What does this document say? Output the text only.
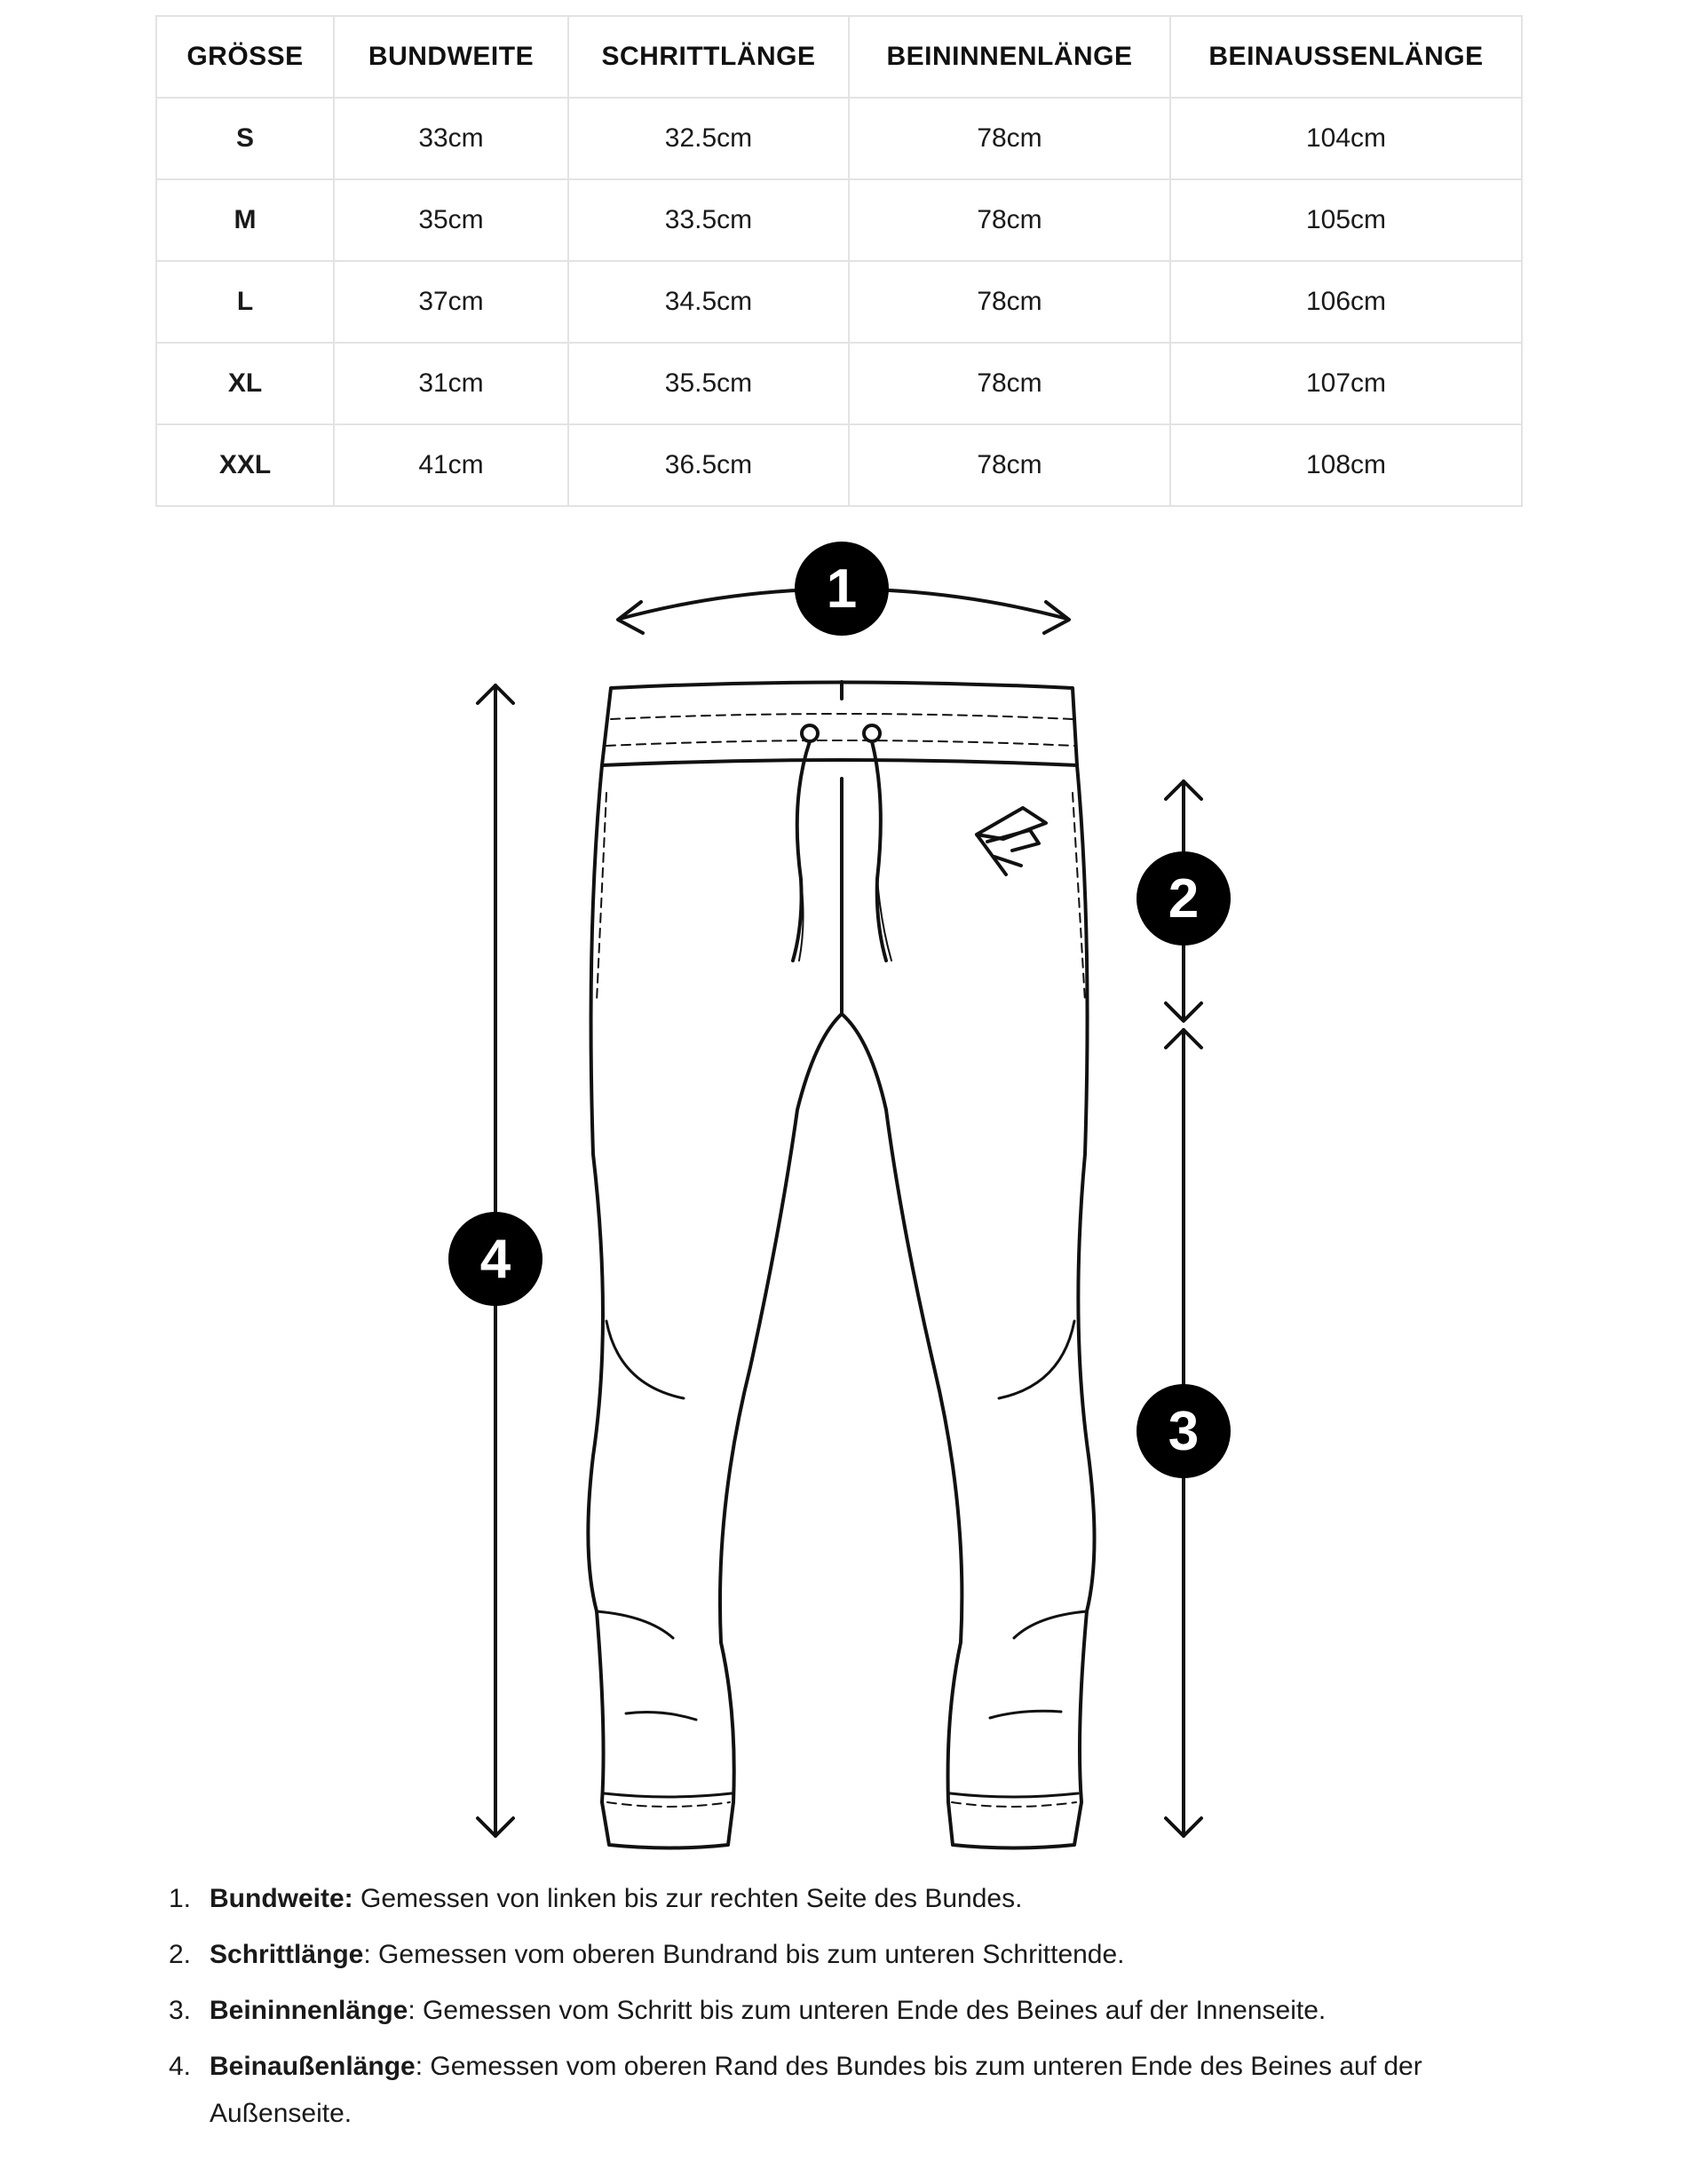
GRÖSSE	BUNDWEITE	SCHRITTLÄNGE	BEININNENLÄNGE	BEINAUSSENLÄNGE
S	33cm	32.5cm	78cm	104cm
M	35cm	33.5cm	78cm	105cm
L	37cm	34.5cm	78cm	106cm
XL	31cm	35.5cm	78cm	107cm
XXL	41cm	36.5cm	78cm	108cm
1
2
3
4
1. Bundweite: Gemessen von linken bis zur rechten Seite des Bundes.
2. Schrittlänge: Gemessen vom oberen Bundrand bis zum unteren Schrittende.
3. Beininnenlänge: Gemessen vom Schritt bis zum unteren Ende des Beines auf der Innenseite.
4. Beinaußenlänge: Gemessen vom oberen Rand des Bundes bis zum unteren Ende des Beines auf der Außenseite.
